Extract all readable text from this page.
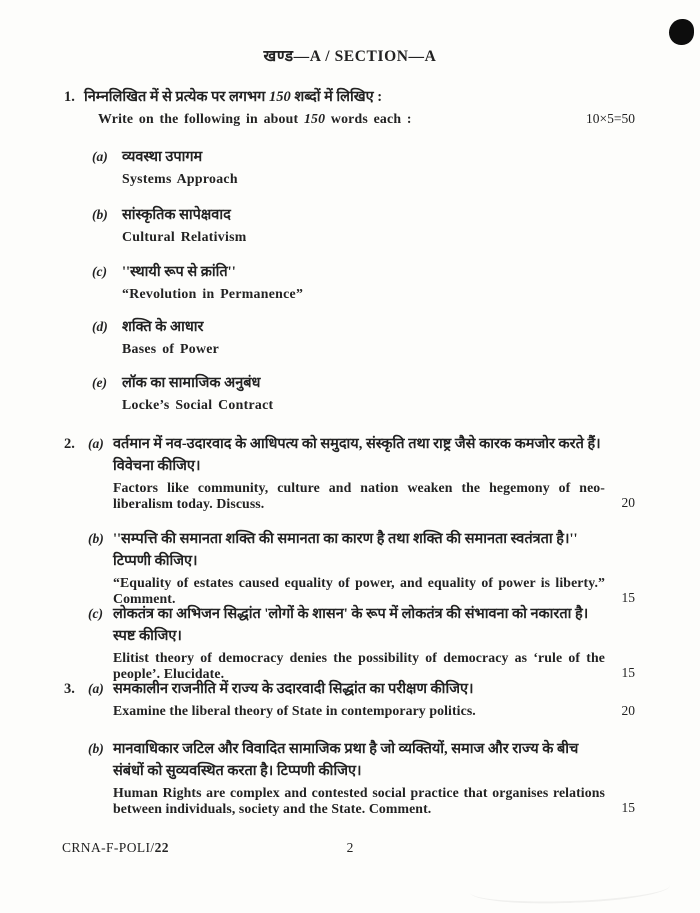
खण्ड—A / SECTION—A
1. निम्नलिखित में से प्रत्येक पर लगभग 150 शब्दों में लिखिए :
Write on the following in about 150 words each :	10×5=50
(a) व्यवस्था उपागम
Systems Approach
(b) सांस्कृतिक सापेक्षवाद
Cultural Relativism
(c)	''स्थायी रूप से क्रांति''
“Revolution in Permanence”
(d) शक्ति के आधार
Bases of Power
(e)	लॉक का सामाजिक अनुबंध
Locke’s Social Contract
2. (a) वर्तमान में नव-उदारवाद के आधिपत्य को समुदाय, संस्कृति तथा राष्ट्र जैसे कारक कमजोर करते हैं। विवेचना कीजिए।
Factors like community, culture and nation weaken the hegemony of neo-liberalism today. Discuss.	20
(b) ''सम्पत्ति की समानता शक्ति की समानता का कारण है तथा शक्ति की समानता स्वतंत्रता है।'' टिप्पणी कीजिए।
“Equality of estates caused equality of power, and equality of power is liberty.” Comment.	15
(c) लोकतंत्र का अभिजन सिद्धांत 'लोगों के शासन' के रूप में लोकतंत्र की संभावना को नकारता है। स्पष्ट कीजिए।
Elitist theory of democracy denies the possibility of democracy as ‘rule of the people’. Elucidate.	15
3. (a) समकालीन राजनीति में राज्य के उदारवादी सिद्धांत का परीक्षण कीजिए।
Examine the liberal theory of State in contemporary politics.	20
(b) मानवाधिकार जटिल और विवादित सामाजिक प्रथा है जो व्यक्तियों, समाज और राज्य के बीच संबंधों को सुव्यवस्थित करता है। टिप्पणी कीजिए।
Human Rights are complex and contested social practice that organises relations between individuals, society and the State. Comment.	15
CRNA-F-POLI/22	2
